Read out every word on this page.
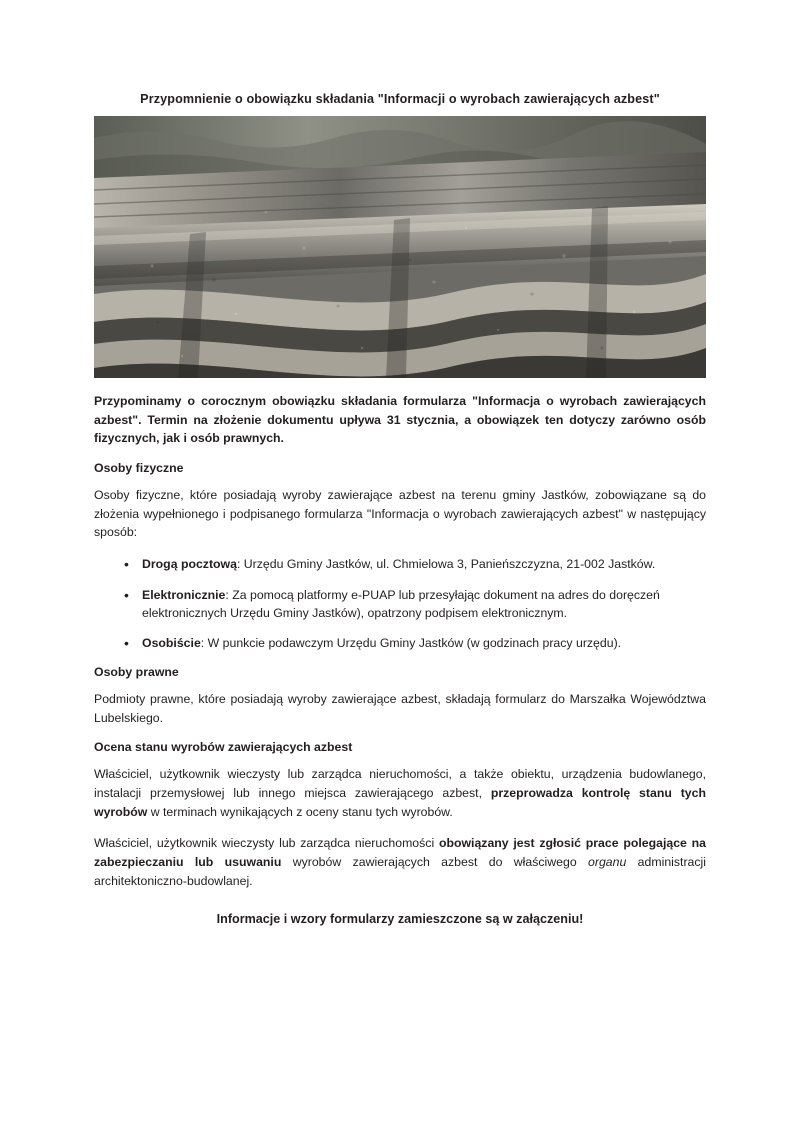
Przypomnienie o obowiązku składania "Informacji o wyrobach zawierających azbest"

Przypominamy o corocznym obowiązku składania formularza "Informacja o wyrobach zawierających azbest". Termin na złożenie dokumentu upływa 31 stycznia, a obowiązek ten dotyczy zarówno osób fizycznych, jak i osób prawnych.

Osoby fizyczne

Osoby fizyczne, które posiadają wyroby zawierające azbest na terenu gminy Jastków, zobowiązane są do złożenia wypełnionego i podpisanego formularza "Informacja o wyrobach zawierających azbest" w następujący sposób:

• Drogą pocztową: Urzędu Gminy Jastków, ul. Chmielowa 3, Panieńszczyzna, 21-002 Jastków.
• Elektronicznie: Za pomocą platformy e-PUAP lub przesyłając dokument na adres do doręczeń elektronicznych Urzędu Gminy Jastków), opatrzony podpisem elektronicznym.
• Osobiście: W punkcie podawczym Urzędu Gminy Jastków (w godzinach pracy urzędu).
Osoby prawne

Podmioty prawne, które posiadają wyroby zawierające azbest, składają formularz do Marszałka Województwa Lubelskiego.

Ocena stanu wyrobów zawierających azbest

Właściciel, użytkownik wieczysty lub zarządca nieruchomości, a także obiektu, urządzenia budowlanego, instalacji przemysłowej lub innego miejsca zawierającego azbest, przeprowadza kontrolę stanu tych wyrobów w terminach wynikających z oceny stanu tych wyrobów.

Właściciel, użytkownik wieczysty lub zarządca nieruchomości obowiązany jest zgłosić prace polegające na zabezpieczaniu lub usuwaniu wyrobów zawierających azbest do właściwego organu administracji architektoniczno-budowlanej.

Informacje i wzory formularzy zamieszczone są w załączeniu!
